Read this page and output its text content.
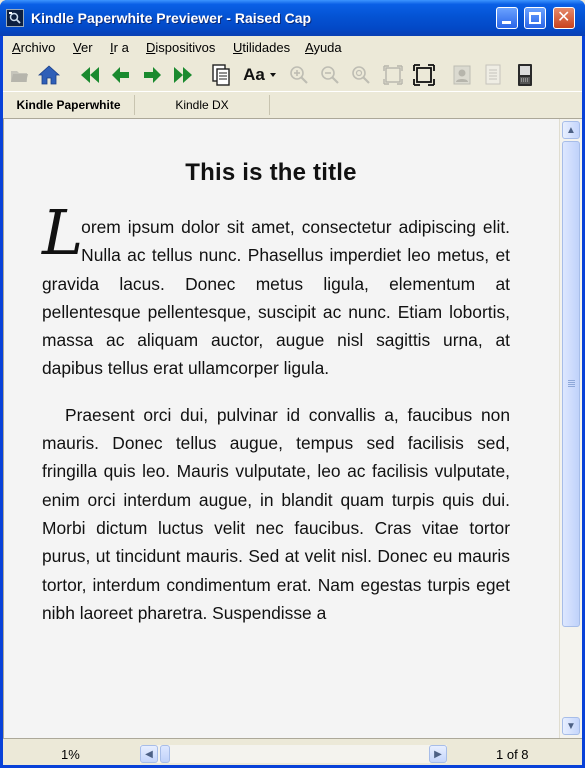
Kindle Paperwhite Previewer - Raised Cap	✕
Archivo Ver Ir a Dispositivos Utilidades Ayuda
Aa
Kindle Paperwhite	Kindle DX
This is the title

Lorem ipsum dolor sit amet, consectetur adipiscing elit. Nulla ac tellus nunc. Phasellus imperdiet leo metus, et gravida lacus. Donec metus ligula, elementum at pellentesque pellentesque, suscipit ac nunc. Etiam lobortis, massa ac aliquam auctor, augue nisl sagittis urna, at dapibus tellus erat ullamcorper ligula.

Praesent orci dui, pulvinar id convallis a, faucibus non mauris. Donec tellus augue, tempus sed facilisis sed, fringilla quis leo. Mauris vulputate, leo ac facilisis vulputate, enim orci interdum augue, in blandit quam turpis quis dui. Morbi dictum luctus velit nec faucibus. Cras vitae tortor purus, ut tincidunt mauris. Sed at velit nisl. Donec eu mauris tortor, interdum condimentum erat. Nam egestas turpis eget nibh laoreet pharetra. Suspendisse a

▲
▼
1%	◀	▶	1 of 8
